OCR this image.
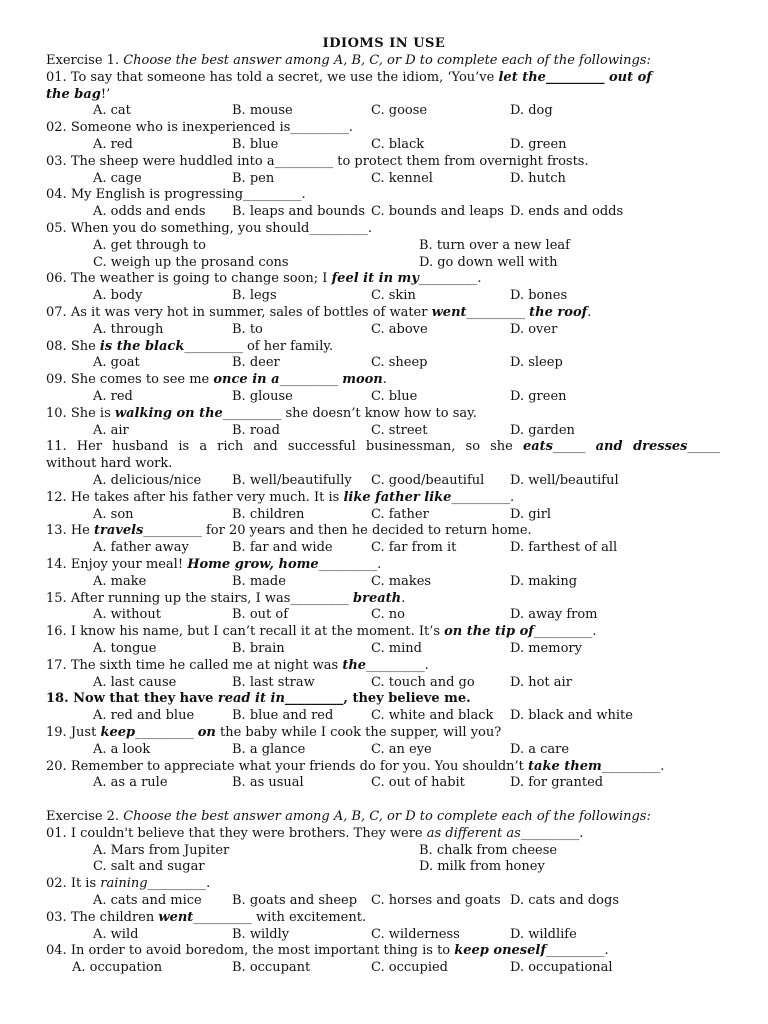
IDIOMS IN USE
Exercise 1. Choose the best answer among A, B, C, or D to complete each of the followings:
01. To say that someone has told a secret, we use the idiom, ‘You’ve let the_________ out of
the bag!’
A. cat	B. mouse	C. goose	D. dog
02. Someone who is inexperienced is_________.
A. red	B. blue	C. black	D. green
03. The sheep were huddled into a_________ to protect them from overnight frosts.
A. cage	B. pen	C. kennel	D. hutch
04. My English is progressing_________.
A. odds and ends B. leaps and bounds C. bounds and leaps D. ends and odds
05. When you do something, you should_________.
A. get through to	B. turn over a new leaf
C. weigh up the prosand cons	D. go down well with
06. The weather is going to change soon; I feel it in my_________.
A. body	B. legs	C. skin	D. bones
07. As it was very hot in summer, sales of bottles of water went_________ the roof.
A. through	B. to	C. above	D. over
08. She is the black_________ of her family.
A. goat	B. deer	C. sheep	D. sleep
09. She comes to see me once in a_________ moon.
A. red	B. glouse	C. blue	D. green
10. She is walking on the_________ she doesn’t know how to say.
A. air	B. road	C. street	D. garden
11. Her husband is a rich and successful businessman, so she eats_____ and dresses_____
without hard work.
A. delicious/nice B. well/beautifully C. good/beautiful D. well/beautiful
12. He takes after his father very much. It is like father like_________.
A. son	B. children	C. father	D. girl
13. He travels_________ for 20 years and then he decided to return home.
A. father away	B. far and wide	C. far from it	D. farthest of all
14. Enjoy your meal! Home grow, home_________.
A. make	B. made	C. makes	D. making
15. After running up the stairs, I was_________ breath.
A. without	B. out of	C. no	D. away from
16. I know his name, but I can’t recall it at the moment. It’s on the tip of_________.
A. tongue	B. brain	C. mind	D. memory
17. The sixth time he called me at night was the_________.
A. last cause	B. last straw	C. touch and go	D. hot air
18. Now that they have read it in_________, they believe me.
A. red and blue	B. blue and red	C. white and black D. black and white
19. Just keep_________ on the baby while I cook the supper, will you?
A. a look	B. a glance	C. an eye	D. a care
20. Remember to appreciate what your friends do for you. You shouldn’t take them_________.
A. as a rule	B. as usual	C. out of habit	D. for granted
Exercise 2. Choose the best answer among A, B, C, or D to complete each of the followings:
01. I couldn't believe that they were brothers. They were as different as_________.
A. Mars from Jupiter	B. chalk from cheese
C. salt and sugar	D. milk from honey
02. It is raining_________.
A. cats and mice B. goats and sheep C. horses and goats D. cats and dogs
03. The children went_________ with excitement.
A. wild	B. wildly	C. wilderness	D. wildlife
04. In order to avoid boredom, the most important thing is to keep oneself_________.
A. occupation	B. occupant	C. occupied	D. occupational
